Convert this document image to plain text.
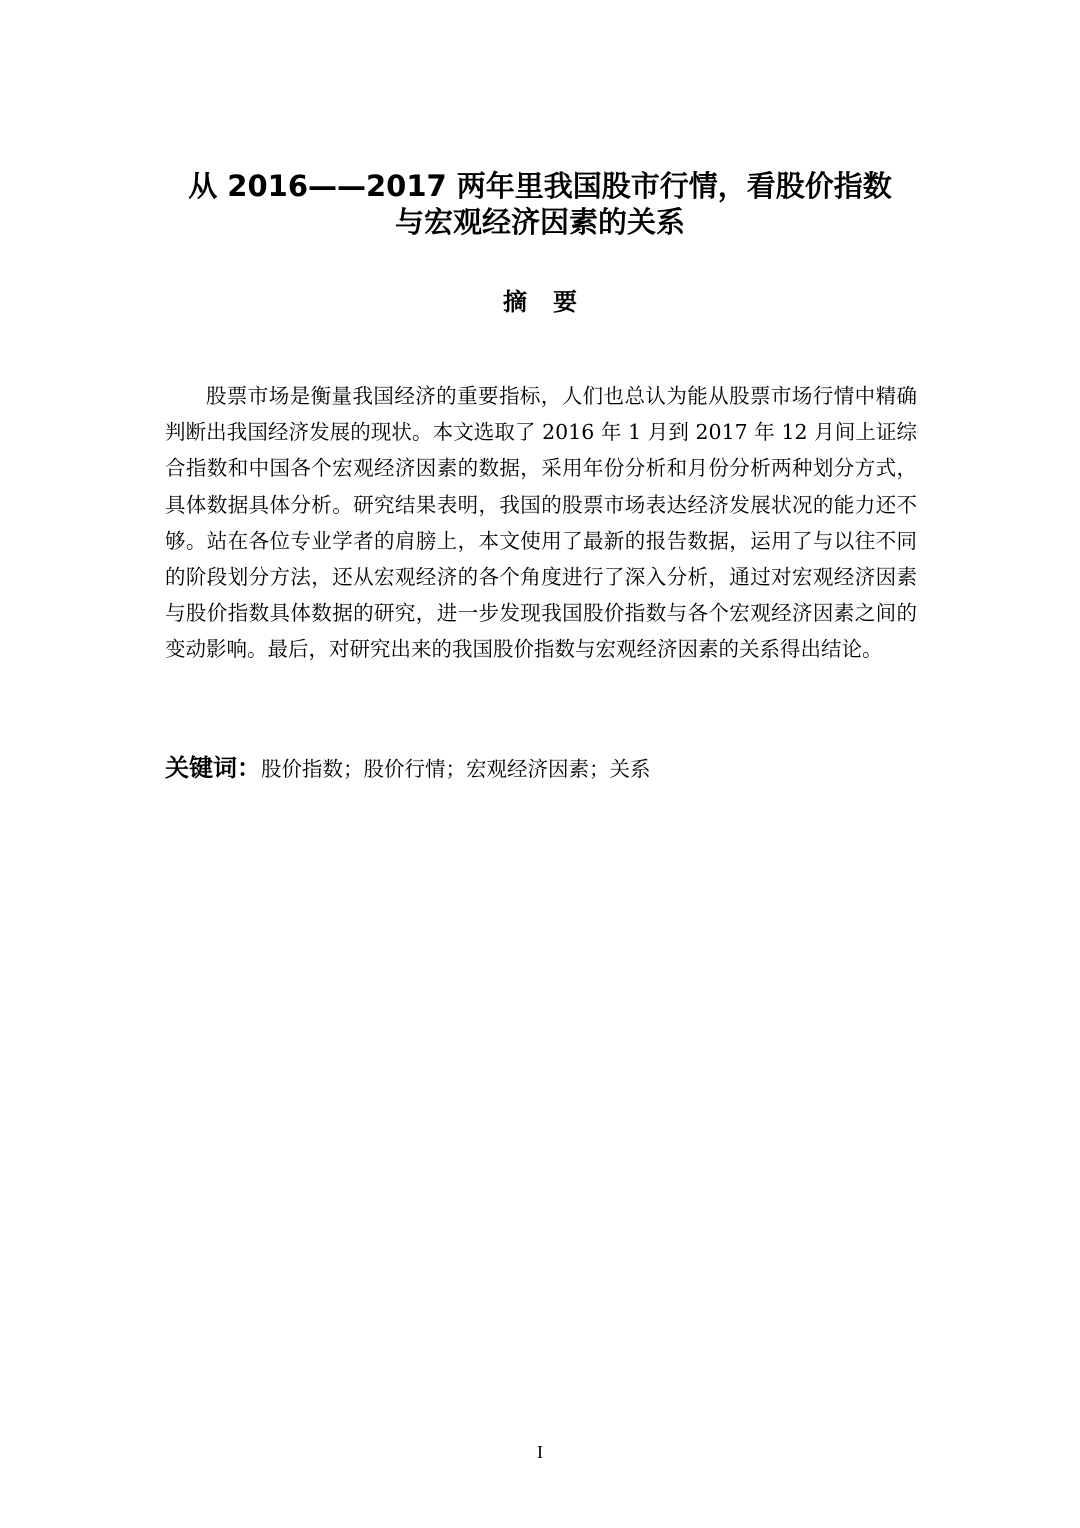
从 2016——2017 两年里我国股市行情，看股价指数
与宏观经济因素的关系
摘 要

股票市场是衡量我国经济的重要指标，人们也总认为能从股票市场行情中精确判断出我国经济发展的现状。本文选取了 2016 年 1 月到 2017 年 12 月间上证综合指数和中国各个宏观经济因素的数据，采用年份分析和月份分析两种划分方式，具体数据具体分析。研究结果表明，我国的股票市场表达经济发展状况的能力还不够。站在各位专业学者的肩膀上，本文使用了最新的报告数据，运用了与以往不同的阶段划分方法，还从宏观经济的各个角度进行了深入分析，通过对宏观经济因素与股价指数具体数据的研究，进一步发现我国股价指数与各个宏观经济因素之间的变动影响。最后，对研究出来的我国股价指数与宏观经济因素的关系得出结论。

关键词：股价指数；股价行情；宏观经济因素；关系
I
